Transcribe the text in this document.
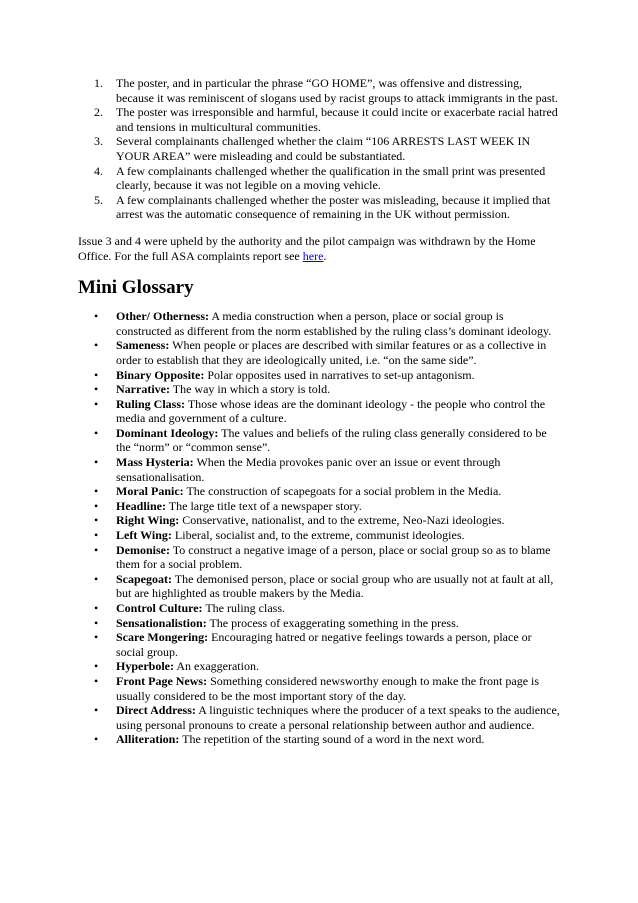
1. The poster, and in particular the phrase “GO HOME”, was offensive and distressing, because it was reminiscent of slogans used by racist groups to attack immigrants in the past.
2. The poster was irresponsible and harmful, because it could incite or exacerbate racial hatred and tensions in multicultural communities.
3. Several complainants challenged whether the claim “106 ARRESTS LAST WEEK IN YOUR AREA” were misleading and could be substantiated.
4. A few complainants challenged whether the qualification in the small print was presented clearly, because it was not legible on a moving vehicle.
5. A few complainants challenged whether the poster was misleading, because it implied that arrest was the automatic consequence of remaining in the UK without permission.

Issue 3 and 4 were upheld by the authority and the pilot campaign was withdrawn by the Home Office. For the full ASA complaints report see here.

Mini Glossary
• Other/ Otherness: A media construction when a person, place or social group is constructed as different from the norm established by the ruling class’s dominant ideology.
• Sameness: When people or places are described with similar features or as a collective in order to establish that they are ideologically united, i.e. “on the same side”.
• Binary Opposite: Polar opposites used in narratives to set-up antagonism.
• Narrative: The way in which a story is told.
• Ruling Class: Those whose ideas are the dominant ideology - the people who control the media and government of a culture.
• Dominant Ideology: The values and beliefs of the ruling class generally considered to be the “norm” or “common sense”.
• Mass Hysteria: When the Media provokes panic over an issue or event through sensationalisation.
• Moral Panic: The construction of scapegoats for a social problem in the Media.
• Headline: The large title text of a newspaper story.
• Right Wing: Conservative, nationalist, and to the extreme, Neo-Nazi ideologies.
• Left Wing: Liberal, socialist and, to the extreme, communist ideologies.
• Demonise: To construct a negative image of a person, place or social group so as to blame them for a social problem.
• Scapegoat: The demonised person, place or social group who are usually not at fault at all, but are highlighted as trouble makers by the Media.
• Control Culture: The ruling class.
• Sensationalistion: The process of exaggerating something in the press.
• Scare Mongering: Encouraging hatred or negative feelings towards a person, place or social group.
• Hyperbole: An exaggeration.
• Front Page News: Something considered newsworthy enough to make the front page is usually considered to be the most important story of the day.
• Direct Address: A linguistic techniques where the producer of a text speaks to the audience, using personal pronouns to create a personal relationship between author and audience.
• Alliteration: The repetition of the starting sound of a word in the next word.
